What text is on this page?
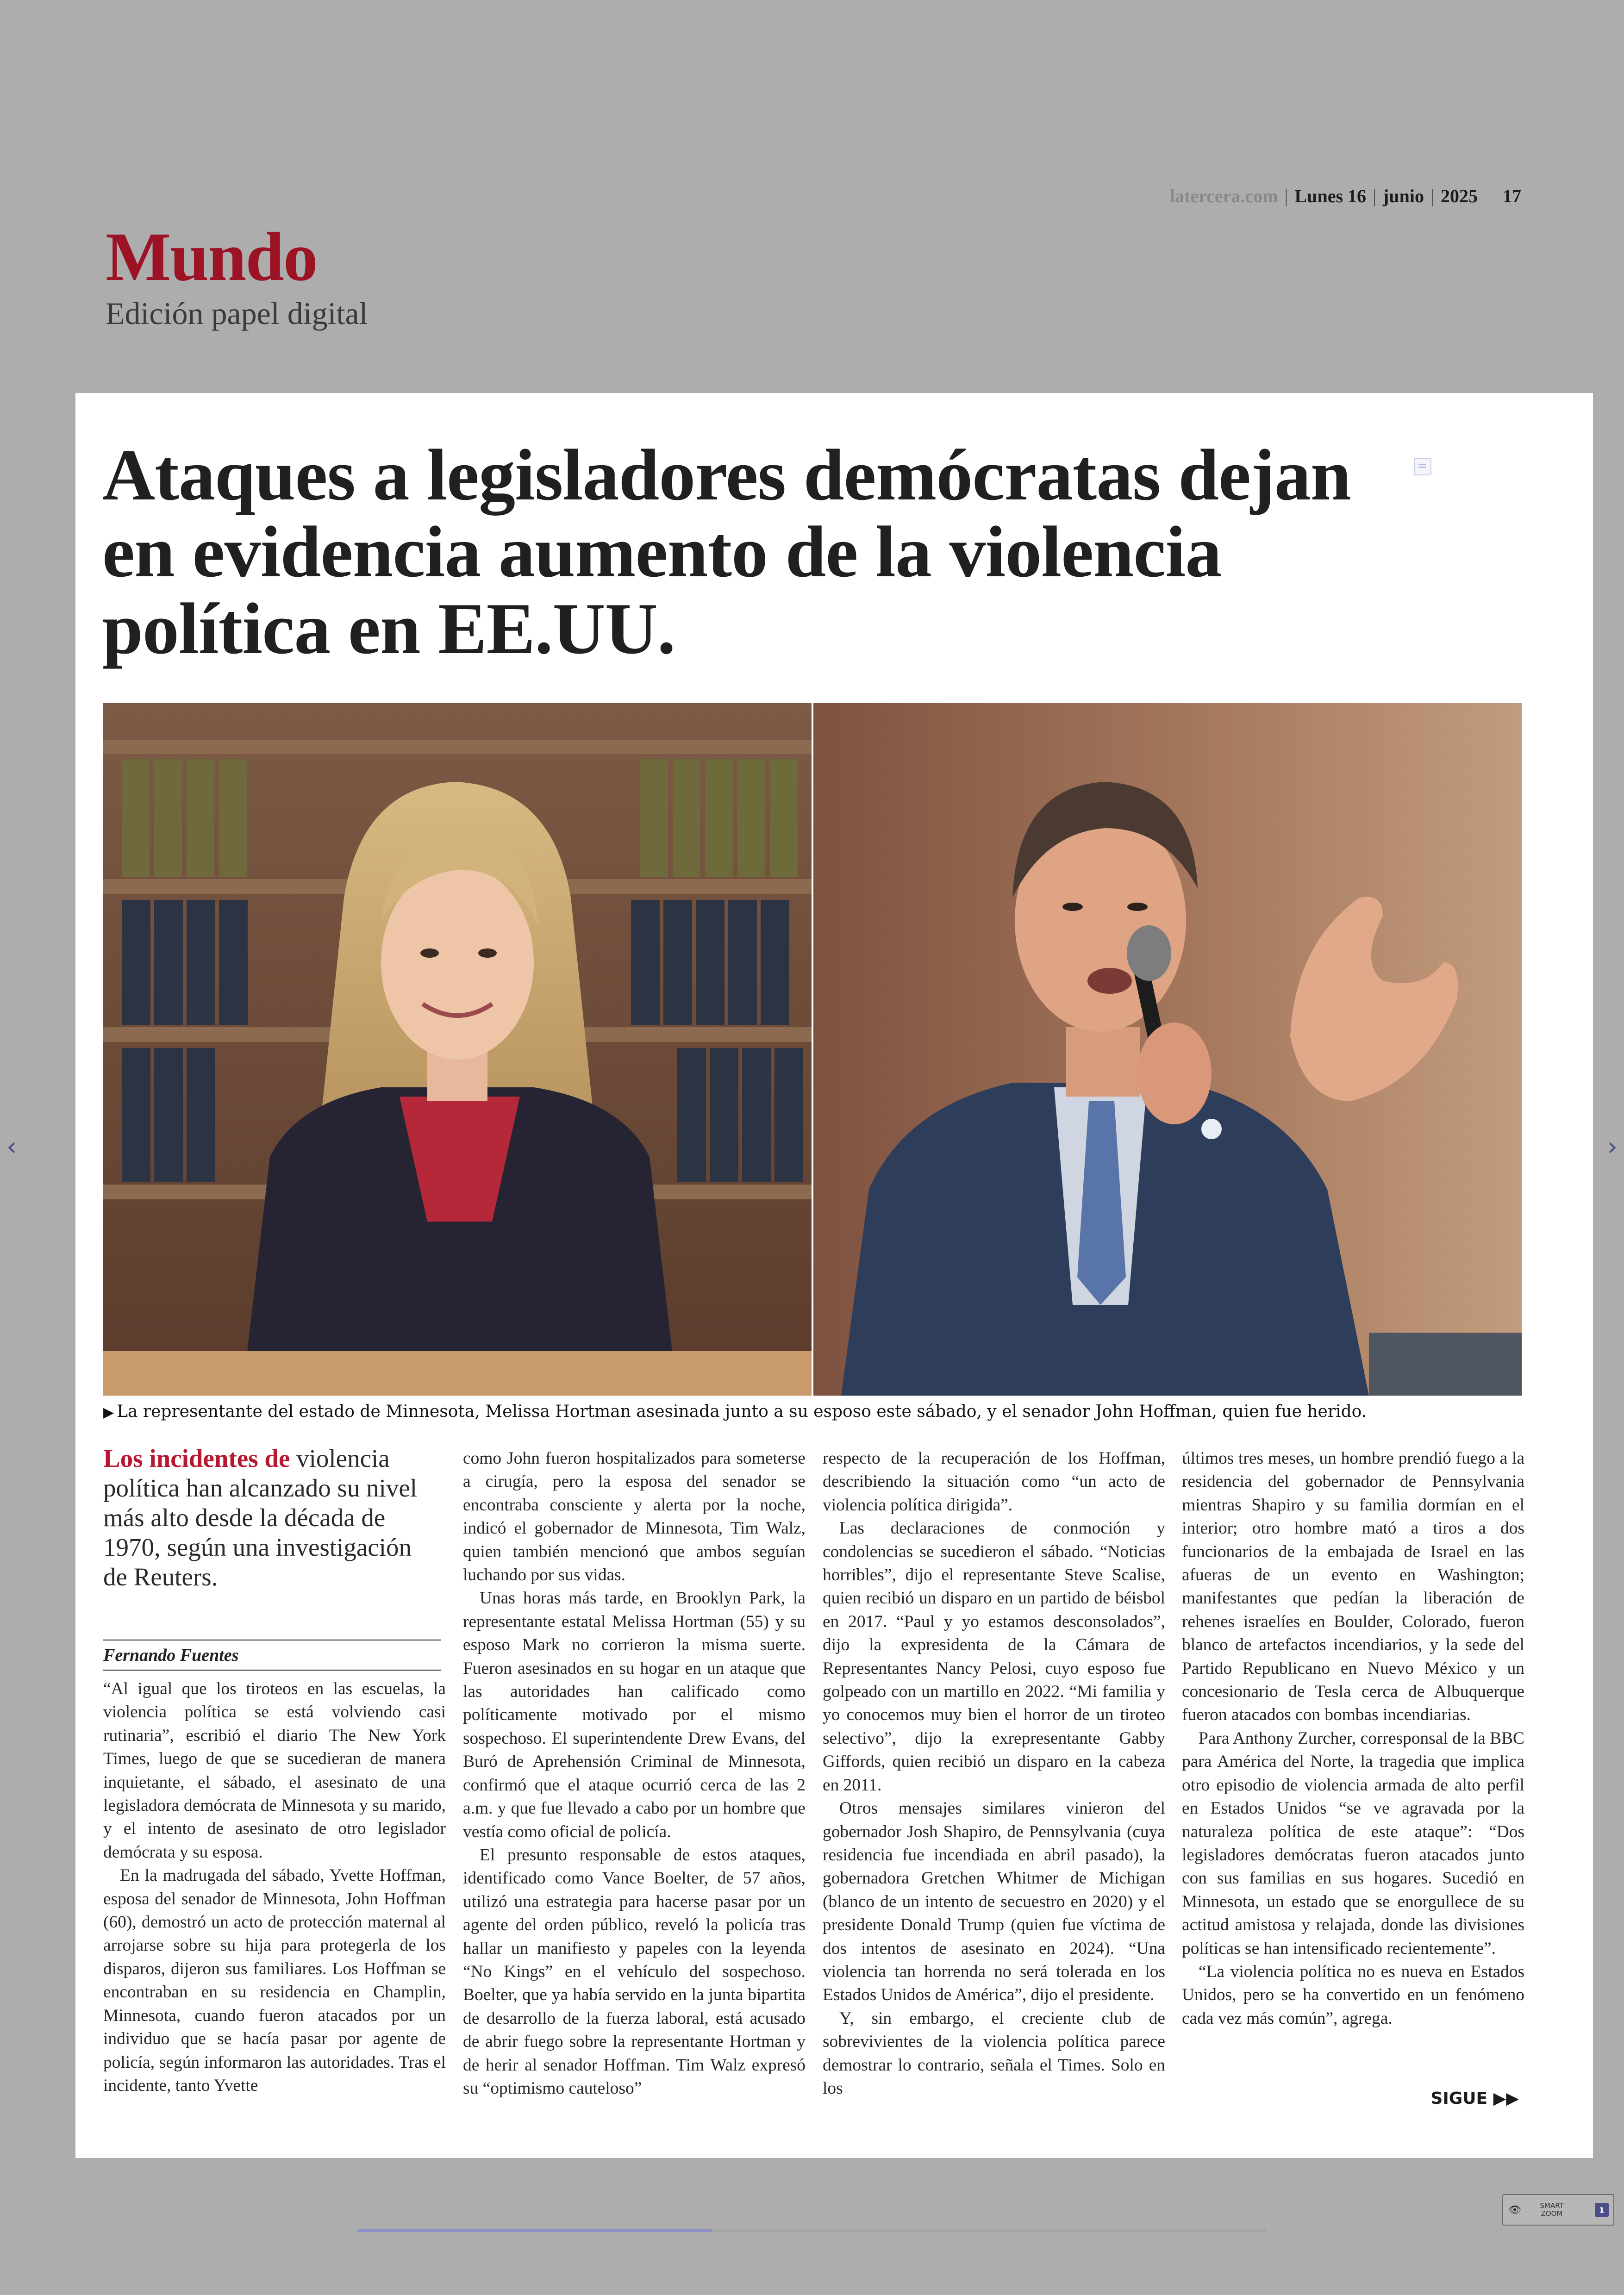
latercera.com | Lunes 16 | junio | 2025 17
Mundo
Edición papel digital
Ataques a legisladores demócratas dejan en evidencia aumento de la violencia política en EE.UU.
▶ La representante del estado de Minnesota, Melissa Hortman asesinada junto a su esposo este sábado, y el senador John Hoffman, quien fue herido.
Los incidentes de violencia política han alcanzado su nivel más alto desde la década de 1970, según una investigación de Reuters.
Fernando Fuentes

“Al igual que los tiroteos en las escuelas, la violencia política se está volviendo casi rutinaria”, escribió el diario The New York Times, luego de que se sucedieran de manera inquietante, el sábado, el asesinato de una legisladora demócrata de Minnesota y su marido, y el intento de asesinato de otro legislador demócrata y su esposa.

En la madrugada del sábado, Yvette Hoffman, esposa del senador de Minnesota, John Hoffman (60), demostró un acto de protección maternal al arrojarse sobre su hija para protegerla de los disparos, dijeron sus familiares. Los Hoffman se encontraban en su residencia en Champlin, Minnesota, cuando fueron atacados por un individuo que se hacía pasar por agente de policía, según informaron las autoridades. Tras el incidente, tanto Yvette

como John fueron hospitalizados para someterse a cirugía, pero la esposa del senador se encontraba consciente y alerta por la noche, indicó el gobernador de Minnesota, Tim Walz, quien también mencionó que ambos seguían luchando por sus vidas.

Unas horas más tarde, en Brooklyn Park, la representante estatal Melissa Hortman (55) y su esposo Mark no corrieron la misma suerte. Fueron asesinados en su hogar en un ataque que las autoridades han calificado como políticamente motivado por el mismo sospechoso. El superintendente Drew Evans, del Buró de Aprehensión Criminal de Minnesota, confirmó que el ataque ocurrió cerca de las 2 a.m. y que fue llevado a cabo por un hombre que vestía como oficial de policía.

El presunto responsable de estos ataques, identificado como Vance Boelter, de 57 años, utilizó una estrategia para hacerse pasar por un agente del orden público, reveló la policía tras hallar un manifiesto y papeles con la leyenda “No Kings” en el vehículo del sospechoso. Boelter, que ya había servido en la junta bipartita de desarrollo de la fuerza laboral, está acusado de abrir fuego sobre la representante Hortman y de herir al senador Hoffman. Tim Walz expresó su “optimismo cauteloso”

respecto de la recuperación de los Hoffman, describiendo la situación como “un acto de violencia política dirigida”.

Las declaraciones de conmoción y condolencias se sucedieron el sábado. “Noticias horribles”, dijo el representante Steve Scalise, quien recibió un disparo en un partido de béisbol en 2017. “Paul y yo estamos desconsolados”, dijo la expresidenta de la Cámara de Representantes Nancy Pelosi, cuyo esposo fue golpeado con un martillo en 2022. “Mi familia y yo conocemos muy bien el horror de un tiroteo selectivo”, dijo la exrepresentante Gabby Giffords, quien recibió un disparo en la cabeza en 2011.

Otros mensajes similares vinieron del gobernador Josh Shapiro, de Pennsylvania (cuya residencia fue incendiada en abril pasado), la gobernadora Gretchen Whitmer de Michigan (blanco de un intento de secuestro en 2020) y el presidente Donald Trump (quien fue víctima de dos intentos de asesinato en 2024). “Una violencia tan horrenda no será tolerada en los Estados Unidos de América”, dijo el presidente.

Y, sin embargo, el creciente club de sobrevivientes de la violencia política parece demostrar lo contrario, señala el Times. Solo en los

últimos tres meses, un hombre prendió fuego a la residencia del gobernador de Pennsylvania mientras Shapiro y su familia dormían en el interior; otro hombre mató a tiros a dos funcionarios de la embajada de Israel en las afueras de un evento en Washington; manifestantes que pedían la liberación de rehenes israelíes en Boulder, Colorado, fueron blanco de artefactos incendiarios, y la sede del Partido Republicano en Nuevo México y un concesionario de Tesla cerca de Albuquerque fueron atacados con bombas incendiarias.

Para Anthony Zurcher, corresponsal de la BBC para América del Norte, la tragedia que implica otro episodio de violencia armada de alto perfil en Estados Unidos “se ve agravada por la naturaleza política de este ataque”: “Dos legisladores demócratas fueron atacados junto con sus familias en sus hogares. Sucedió en Minnesota, un estado que se enorgullece de su actitud amistosa y relajada, donde las divisiones políticas se han intensificado recientemente”.

“La violencia política no es nueva en Estados Unidos, pero se ha convertido en un fenómeno cada vez más común”, agrega.

SIGUE ▶▶
‹	›
👁	SMART
ZOOM	1
